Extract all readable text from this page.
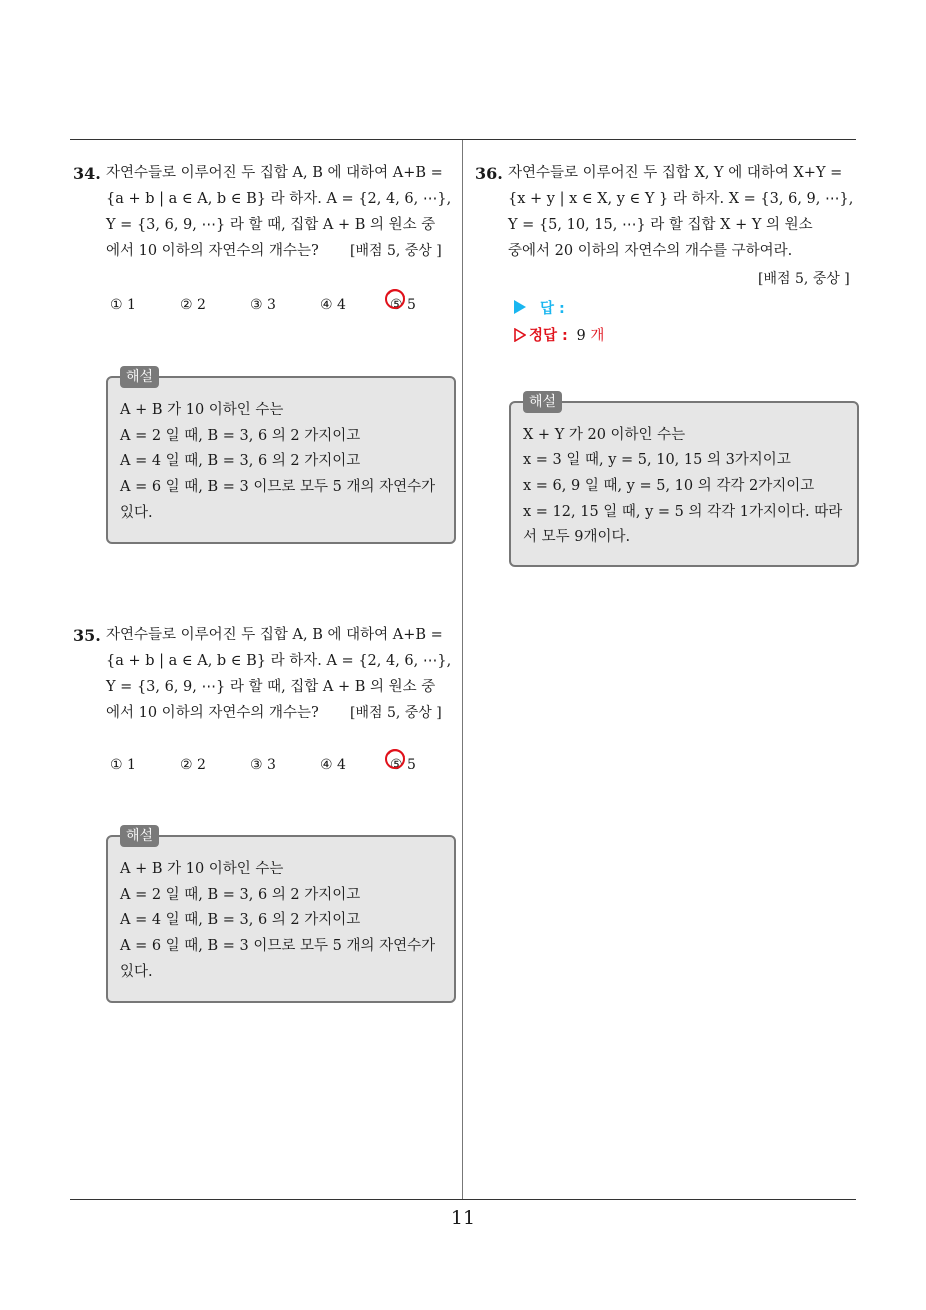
11
34. 자연수들로 이루어진 두 집합 A, B 에 대하여 A+B =
{a + b | a ∈ A, b ∈ B} 라 하자. A = {2, 4, 6, ⋯},
Y = {3, 6, 9, ⋯} 라 할 때, 집합 A + B 의 원소 중
에서 10 이하의 자연수의 개수는? [배점 5, 중상 ]
① 1	② 2	③ 3	④ 4	⑤ 5
해설
A + B 가 10 이하인 수는
A = 2 일 때, B = 3, 6 의 2 가지이고
A = 4 일 때, B = 3, 6 의 2 가지이고
A = 6 일 때, B = 3 이므로 모두 5 개의 자연수가
있다.
35. 자연수들로 이루어진 두 집합 A, B 에 대하여 A+B =
{a + b | a ∈ A, b ∈ B} 라 하자. A = {2, 4, 6, ⋯},
Y = {3, 6, 9, ⋯} 라 할 때, 집합 A + B 의 원소 중
에서 10 이하의 자연수의 개수는? [배점 5, 중상 ]
① 1	② 2	③ 3	④ 4	⑤ 5
해설
A + B 가 10 이하인 수는
A = 2 일 때, B = 3, 6 의 2 가지이고
A = 4 일 때, B = 3, 6 의 2 가지이고
A = 6 일 때, B = 3 이므로 모두 5 개의 자연수가
있다.
36. 자연수들로 이루어진 두 집합 X, Y 에 대하여 X+Y =
{x + y | x ∈ X, y ∈ Y } 라 하자. X = {3, 6, 9, ⋯},
Y = {5, 10, 15, ⋯} 라 할 집합 X + Y 의 원소
중에서 20 이하의 자연수의 개수를 구하여라.
[배점 5, 중상 ]
답 :
정답 : 9 개
해설
X + Y 가 20 이하인 수는
x = 3 일 때, y = 5, 10, 15 의 3가지이고
x = 6, 9 일 때, y = 5, 10 의 각각 2가지이고
x = 12, 15 일 때, y = 5 의 각각 1가지이다. 따라
서 모두 9개이다.
